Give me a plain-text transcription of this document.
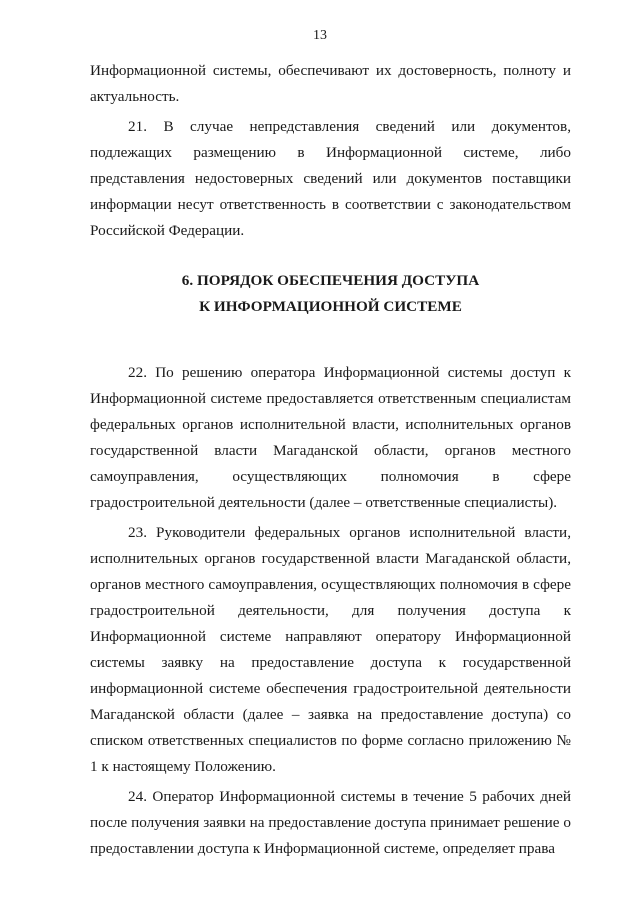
13

Информационной системы, обеспечивают их достоверность, полноту и актуальность.

21. В случае непредставления сведений или документов, подлежащих размещению в Информационной системе, либо представления недостоверных сведений или документов поставщики информации несут ответственность в соответствии с законодательством Российской Федерации.

6. ПОРЯДОК ОБЕСПЕЧЕНИЯ ДОСТУПА

К ИНФОРМАЦИОННОЙ СИСТЕМЕ

22. По решению оператора Информационной системы доступ к Информационной системе предоставляется ответственным специалистам федеральных органов исполнительной власти, исполнительных органов государственной власти Магаданской области, органов местного самоуправления, осуществляющих полномочия в сфере градостроительной деятельности (далее – ответственные специалисты).

23. Руководители федеральных органов исполнительной власти, исполнительных органов государственной власти Магаданской области, органов местного самоуправления, осуществляющих полномочия в сфере градостроительной деятельности, для получения доступа к Информационной системе направляют оператору Информационной системы заявку на предоставление доступа к государственной информационной системе обеспечения градостроительной деятельности Магаданской области (далее – заявка на предоставление доступа) со списком ответственных специалистов по форме согласно приложению № 1 к настоящему Положению.

24. Оператор Информационной системы в течение 5 рабочих дней после получения заявки на предоставление доступа принимает решение о предоставлении доступа к Информационной системе, определяет права
